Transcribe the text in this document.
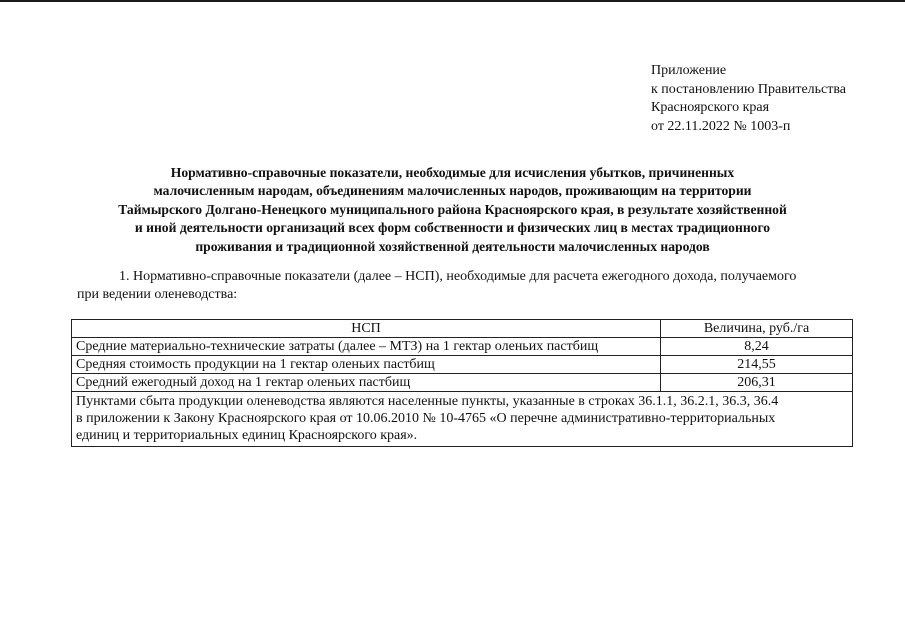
Приложение
к постановлению Правительства
Красноярского края
от 22.11.2022 № 1003-п
Нормативно-справочные показатели, необходимые для исчисления убытков, причиненных
малочисленным народам, объединениям малочисленных народов, проживающим на территории
Таймырского Долгано-Ненецкого муниципального района Красноярского края, в результате хозяйственной
и иной деятельности организаций всех форм собственности и физических лиц в местах традиционного
проживания и традиционной хозяйственной деятельности малочисленных народов
1. Нормативно-справочные показатели (далее – НСП), необходимые для расчета ежегодного дохода, получаемого
при ведении оленеводства:
НСП	Величина, руб./га
Средние материально-технические затраты (далее – МТЗ) на 1 гектар оленьих пастбищ	8,24
Средняя стоимость продукции на 1 гектар оленьих пастбищ	214,55
Средний ежегодный доход на 1 гектар оленьих пастбищ	206,31

Пунктами сбыта продукции оленеводства являются населенные пункты, указанные в строках 36.1.1, 36.2.1, 36.3, 36.4
в приложении к Закону Красноярского края от 10.06.2010 № 10-4765 «О перечне административно-территориальных
единиц и территориальных единиц Красноярского края».	
